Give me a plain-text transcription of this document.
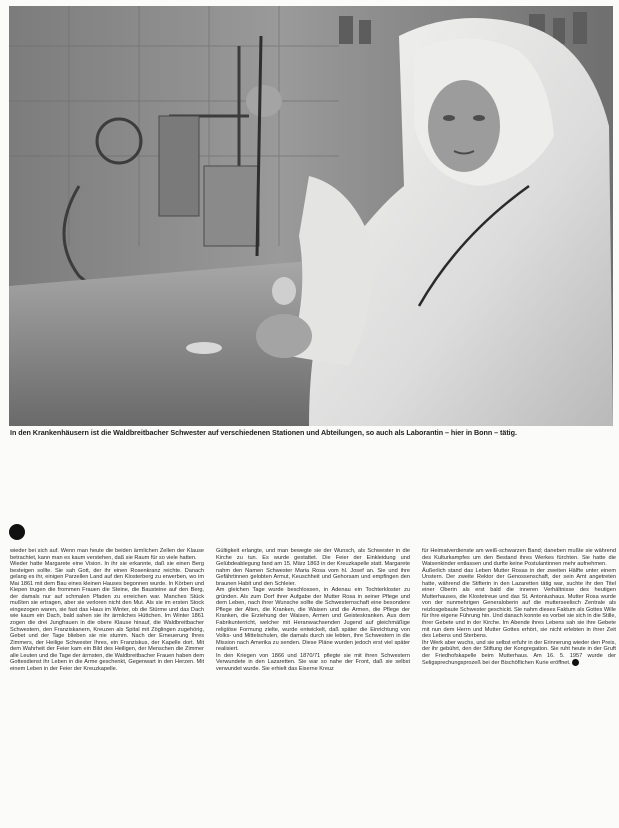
In den Krankenhäusern ist die Waldbreitbacher Schwester auf verschiedenen Stationen und Abteilungen, so auch als Laborantin – hier in Bonn – tätig.

wieder bei sich auf. Wenn man heute die beiden ärmlichen Zellen der Klause betrachtet, kann man es kaum verstehen, daß sie Raum für so viele hatten.

Wieder hatte Margarete eine Vision. In ihr sie erkannte, daß sie einen Berg besteigen sollte. Sie sah Gott, der ihr einen Rosenkranz reichte. Danach gelang es ihr, einigen Parzellen Land auf den Klosterberg zu erwerben, wo im Mai 1861 mit dem Bau eines kleinen Hauses begonnen wurde. In Körben und Kiepen trugen die frommen Frauen die Steine, die Bausteine auf den Berg, der damals nur auf schmalen Pfaden zu erreichen war. Manches Stück mußten sie ertragen, aber sie verloren nicht den Mut. Als sie im ersten Stock eingezogen waren, sie fast das Haus im Winter, ob die Stürme und das Dach wie kaum ein Dach, bald sahen sie ihr ärmliches Hüttchen. Im Winter 1861 zogen die drei Jungfrauen in die obere Klause hinauf, die Waldbreitbacher Schwestern, den Franziskanern, Kreuzen als Spital mit Zöglingen zugehörig, Gebet und der Tage blieben sie nie stumm. Nach der Erneuerung Ihres Zimmers, der Heilige Schwester Ihres, ein Franziskus, der Kapelle dort. Mit dem Wahrheit der Feier kam ein Bild des Heiligen, der Menschen die Zimmer alle Leuten und die Tage der ärmsten, die Waldbreitbacher Frauen haben dem Gottesdienst ihr Leben in die Arme geschenkt, Gegenwart in den Herzen. Mit einem Leben in der Feier der Kreuzkapelle.

Gültigkeit erlangte, und man bewegte sie der Wunsch, als Schwester in die Kirche zu tun. Es wurde gestattet. Die Feier der Einkleidung und Gelübdeablegung fand am 15. März 1863 in der Kreuzkapelle statt. Margarete nahm den Namen Schwester Maria Rosa vom hl. Josef an. Sie und ihre Gefährtinnen gelobten Armut, Keuschheit und Gehorsam und empfingen den braunen Habit und den Schleier.

Am gleichen Tage wurde beschlossen, in Adenau ein Tochterkloster zu gründen. Als zum Dorf ihrer Aufgabe der Mutter Rosa in seiner Pflege und dem Leben, nach ihrer Wunsche sollte die Schwesternschaft eine besondere Pflege der Alten, die Kranken, die Waisen und die Armen, die Pflege der Kranken, die Erziehung der Waisen, Armen und Geisteskranken. Aus dem Fabrikunterricht, welcher mit Heranwachsenden Jugend auf gleichmäßige religiöse Formung zielte, wurde entwickelt, daß später die Einrichtung von Volks- und Mittelschulen, die damals durch sie lebten, ihre Schwestern in die Mission nach Amerika zu senden. Diese Pläne wurden jedoch erst viel später realisiert.

In den Kriegen von 1866 und 1870/71 pflegte sie mit ihren Schwestern Verwundete in den Lazaretten. Sie war so nahe der Front, daß sie selbst verwundet wurde. Sie erhielt das Eiserne Kreuz

für Heimatverdienste am weiß-schwarzen Band; daneben mußte sie während des Kulturkampfes um den Bestand ihres Werkes fürchten. Sie hatte die Waisenkinder entlassen und durfte keine Postulantinnen mehr aufnehmen.

Äußerlich stand das Leben Mutter Rosas in der zweiten Hälfte unter einem Unstern. Der zweite Rektor der Genossenschaft, der sein Amt angetreten hatte, während die Stifterin in den Lazaretten tätig war, suchte ihr den Titel einer Oberin als erst bald die inneren Verhältnisse des heutigen Mutterhauses, die Klostetreue und das St. Antoniushaus. Mutter Rosa wurde von der nunmehrigen Generaloberin auf die mutterseelisch Zentrale als reizlosgebaute Schwester geschickt. Sie nahm dieses Faktum als Gottes Wille für ihre eigene Führung hin. Und danach konnte es vorbei sie sich in die Stille, ihrer Gebete und in der Kirche. Im Abende ihres Lebens sah sie ihre Gebete mit nun dem Herrn und Mutter Gottes erhört, sie nicht erlebten in ihrer Zeit des Lebens und Sterbens.

Ihr Werk aber wuchs, und sie selbst erfuhr in der Erinnerung wieder den Preis, der ihr gebührt, den der Stiftung der Kongregation. Sie ruht heute in der Gruft der Friedhofskapelle beim Mutterhaus. Am 16. 5. 1957 wurde der Seligsprechungsprozeß bei der Bischöflichen Kurie eröffnet.
